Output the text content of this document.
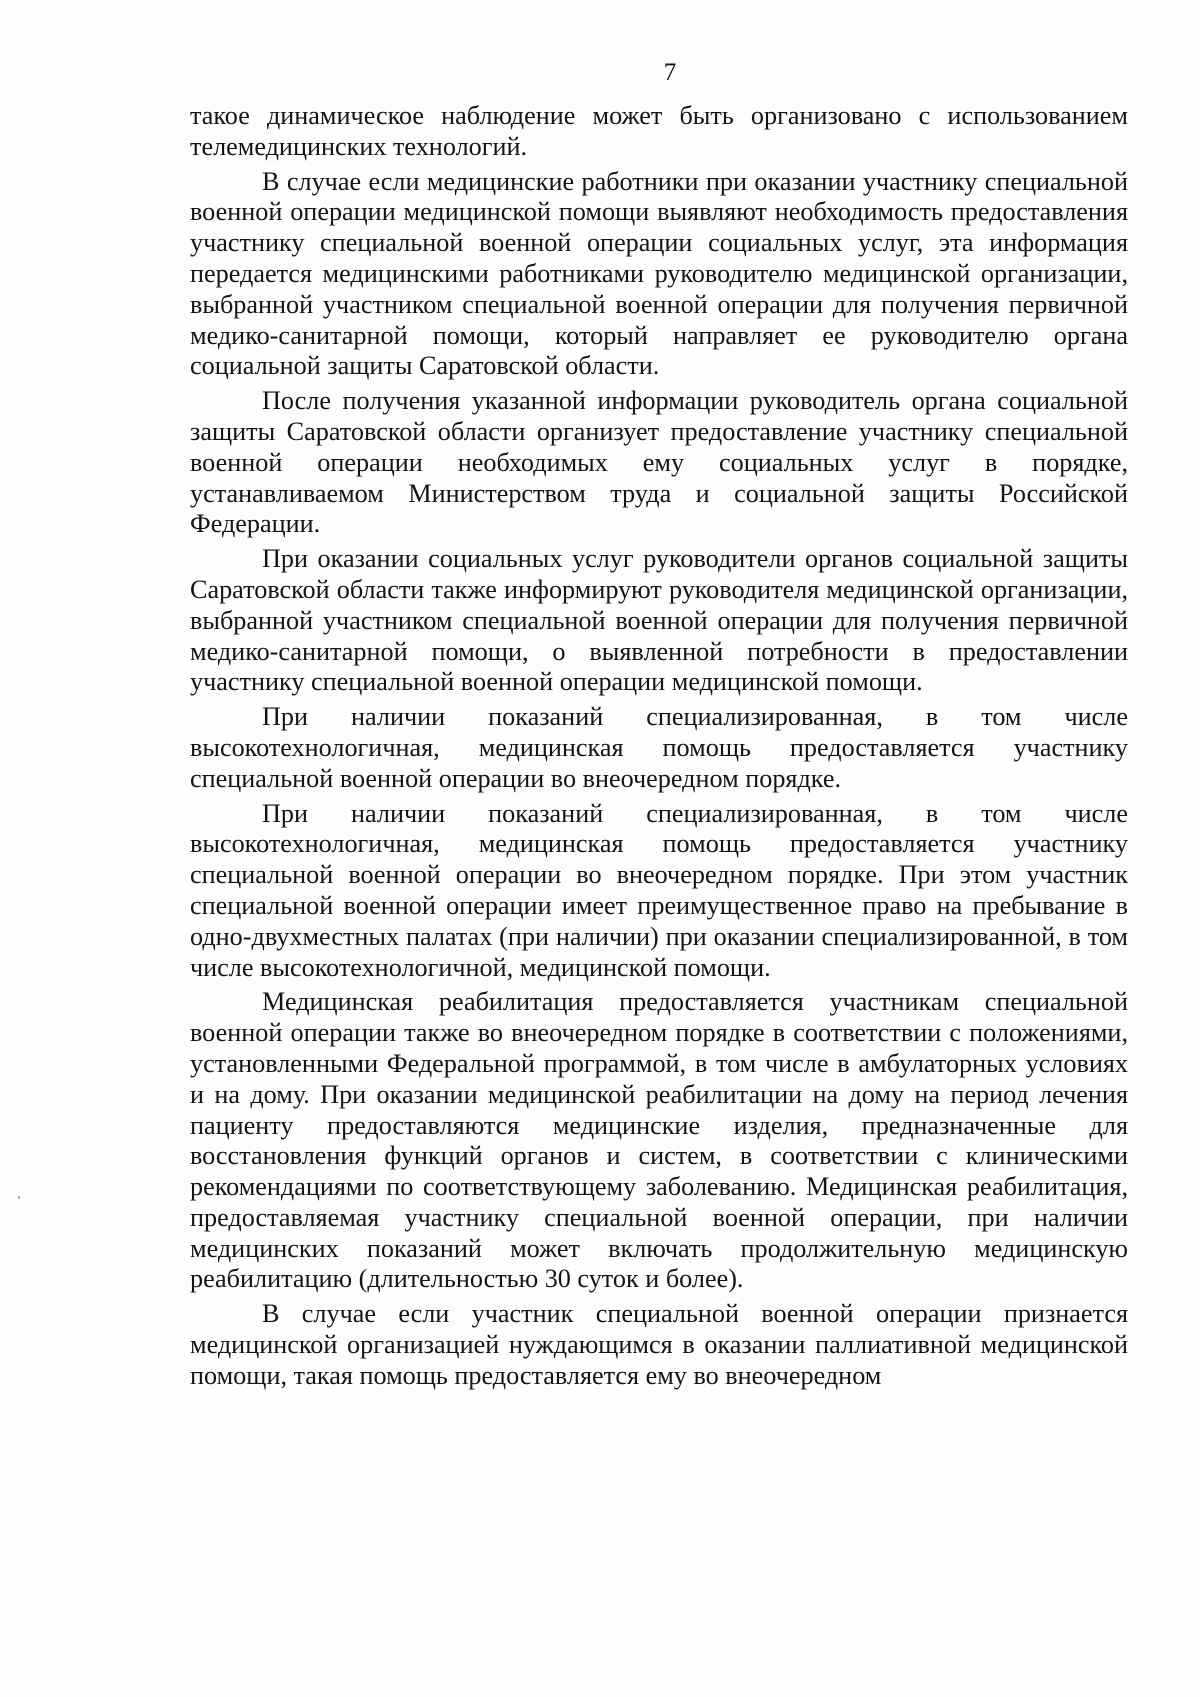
7

такое динамическое наблюдение может быть организовано с использованием телемедицинских технологий.

В случае если медицинские работники при оказании участнику специальной военной операции медицинской помощи выявляют необходимость предоставления участнику специальной военной операции социальных услуг, эта информация передается медицинскими работниками руководителю медицинской организации, выбранной участником специальной военной операции для получения первичной медико-санитарной помощи, который направляет ее руководителю органа социальной защиты Саратовской области.

После получения указанной информации руководитель органа социальной защиты Саратовской области организует предоставление участнику специальной военной операции необходимых ему социальных услуг в порядке, устанавливаемом Министерством труда и социальной защиты Российской Федерации.

При оказании социальных услуг руководители органов социальной защиты Саратовской области также информируют руководителя медицинской организации, выбранной участником специальной военной операции для получения первичной медико-санитарной помощи, о выявленной потребности в предоставлении участнику специальной военной операции медицинской помощи.

При наличии показаний специализированная, в том числе высокотехнологичная, медицинская помощь предоставляется участнику специальной военной операции во внеочередном порядке.

При наличии показаний специализированная, в том числе высокотехнологичная, медицинская помощь предоставляется участнику специальной военной операции во внеочередном порядке. При этом участник специальной военной операции имеет преимущественное право на пребывание в одно-двухместных палатах (при наличии) при оказании специализированной, в том числе высокотехнологичной, медицинской помощи.

Медицинская реабилитация предоставляется участникам специальной военной операции также во внеочередном порядке в соответствии с положениями, установленными Федеральной программой, в том числе в амбулаторных условиях и на дому. При оказании медицинской реабилитации на дому на период лечения пациенту предоставляются медицинские изделия, предназначенные для восстановления функций органов и систем, в соответствии с клиническими рекомендациями по соответствующему заболеванию. Медицинская реабилитация, предоставляемая участнику специальной военной операции, при наличии медицинских показаний может включать продолжительную медицинскую реабилитацию (длительностью 30 суток и более).

В случае если участник специальной военной операции признается медицинской организацией нуждающимся в оказании паллиативной медицинской помощи, такая помощь предоставляется ему во внеочередном
